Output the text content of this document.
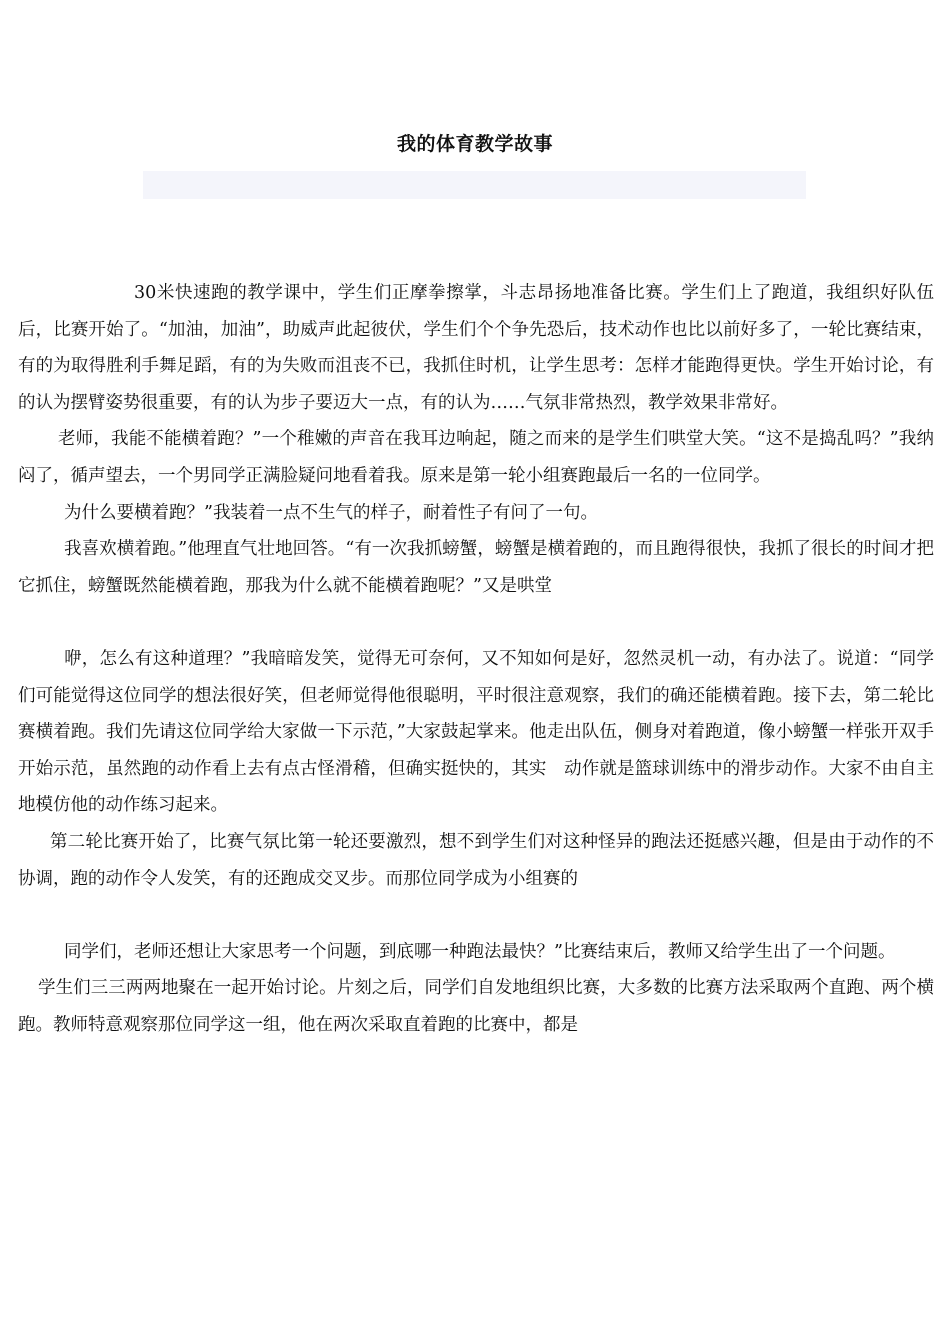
我的体育教学故事

30米快速跑的教学课中，学生们正摩拳擦掌，斗志昂扬地准备比赛。学生们上了跑道，我组织好队伍后，比赛开始了。“加油，加油”，助威声此起彼伏，学生们个个争先恐后，技术动作也比以前好多了，一轮比赛结束，有的为取得胜利手舞足蹈，有的为失败而沮丧不已，我抓住时机，让学生思考：怎样才能跑得更快。学生开始讨论，有的认为摆臂姿势很重要，有的认为步子要迈大一点，有的认为……气氛非常热烈，教学效果非常好。

老师，我能不能横着跑？”一个稚嫩的声音在我耳边响起，随之而来的是学生们哄堂大笑。“这不是捣乱吗？”我纳闷了，循声望去，一个男同学正满脸疑问地看着我。原来是第一轮小组赛跑最后一名的一位同学。

为什么要横着跑？”我装着一点不生气的样子，耐着性子有问了一句。

我喜欢横着跑。”他理直气壮地回答。“有一次我抓螃蟹，螃蟹是横着跑的，而且跑得很快，我抓了很长的时间才把它抓住，螃蟹既然能横着跑，那我为什么就不能横着跑呢？”又是哄堂

咿，怎么有这种道理？”我暗暗发笑，觉得无可奈何，又不知如何是好，忽然灵机一动，有办法了。说道：“同学们可能觉得这位同学的想法很好笑，但老师觉得他很聪明，平时很注意观察，我们的确还能横着跑。接下去，第二轮比赛横着跑。我们先请这位同学给大家做一下示范，”大家鼓起掌来。他走出队伍，侧身对着跑道，像小螃蟹一样张开双手开始示范，虽然跑的动作看上去有点古怪滑稽，但确实挺快的，其实　动作就是篮球训练中的滑步动作。大家不由自主地模仿他的动作练习起来。

第二轮比赛开始了，比赛气氛比第一轮还要激烈，想不到学生们对这种怪异的跑法还挺感兴趣，但是由于动作的不协调，跑的动作令人发笑，有的还跑成交叉步。而那位同学成为小组赛的

同学们，老师还想让大家思考一个问题，到底哪一种跑法最快？”比赛结束后，教师又给学生出了一个问题。

学生们三三两两地聚在一起开始讨论。片刻之后，同学们自发地组织比赛，大多数的比赛方法采取两个直跑、两个横跑。教师特意观察那位同学这一组，他在两次采取直着跑的比赛中，都是
